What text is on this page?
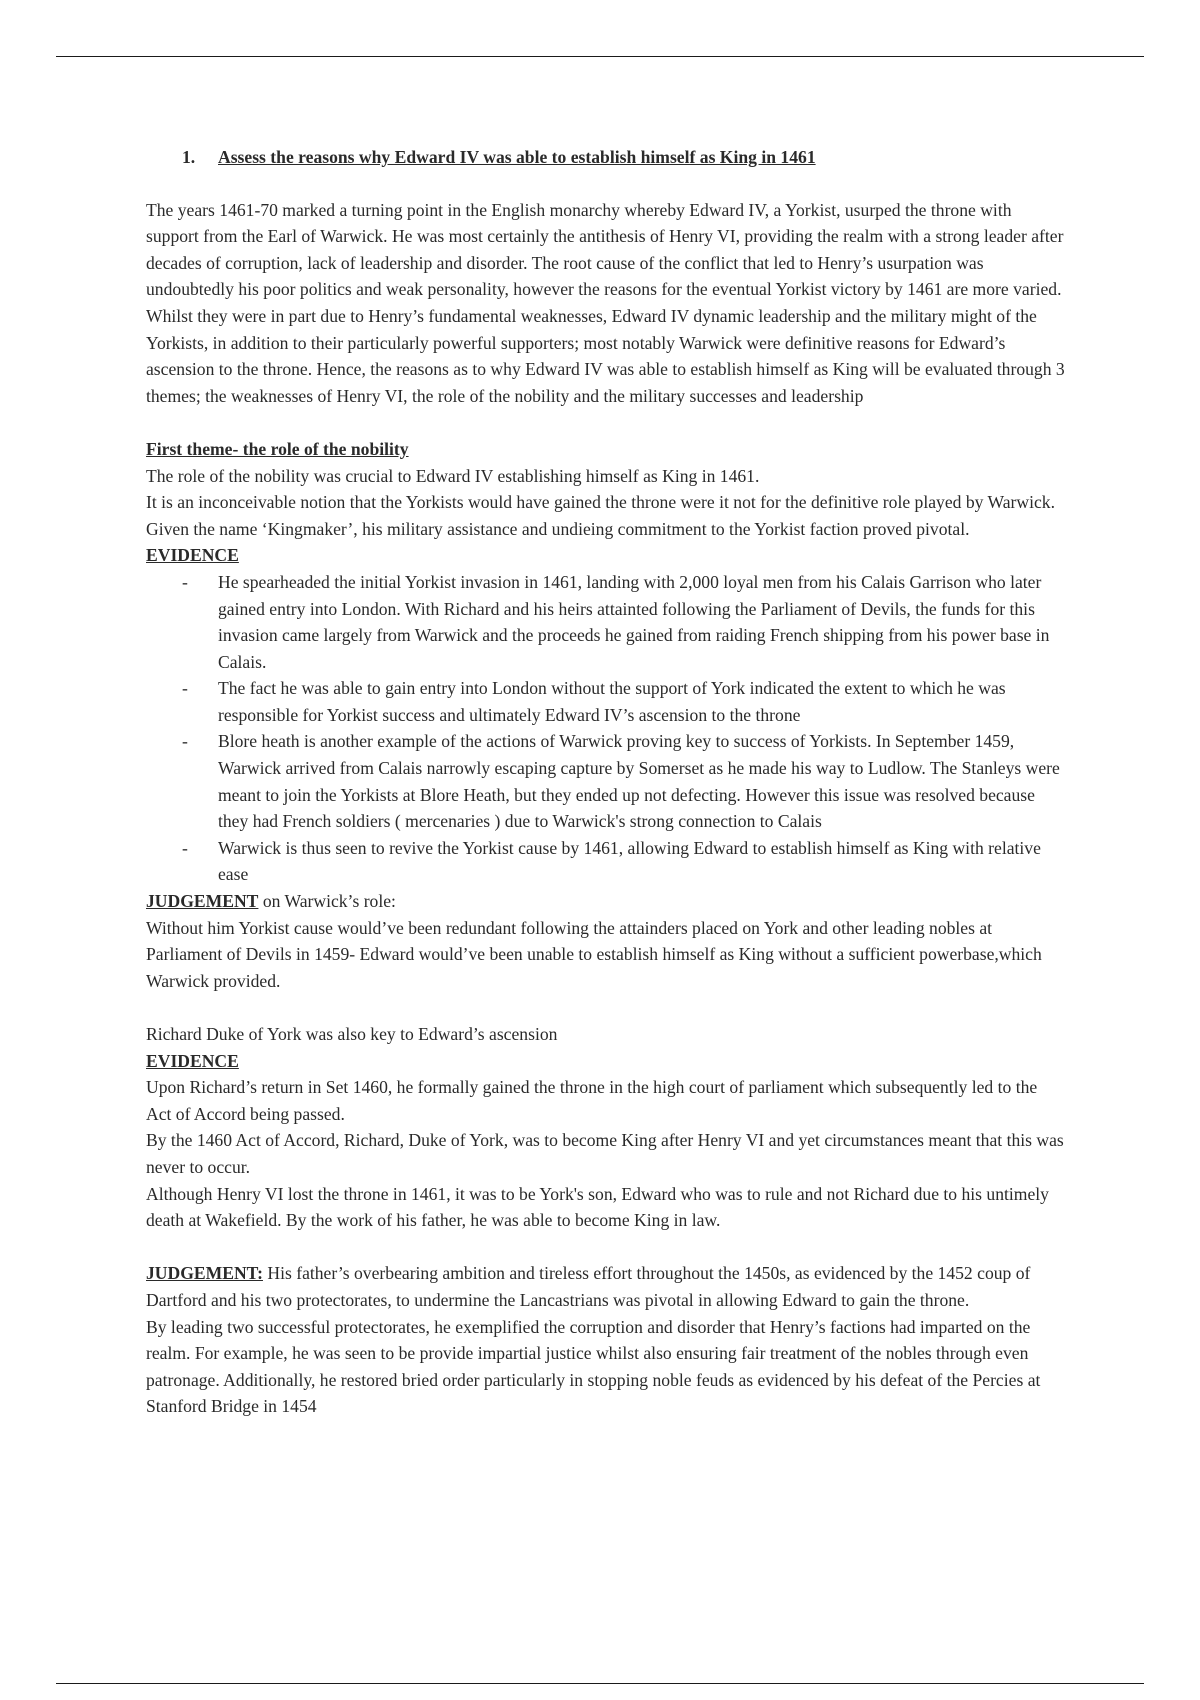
1. Assess the reasons why Edward IV was able to establish himself as King in 1461

The years 1461-70 marked a turning point in the English monarchy whereby Edward IV, a Yorkist, usurped the throne with support from the Earl of Warwick. He was most certainly the antithesis of Henry VI, providing the realm with a strong leader after decades of corruption, lack of leadership and disorder. The root cause of the conflict that led to Henry’s usurpation was undoubtedly his poor politics and weak personality, however the reasons for the eventual Yorkist victory by 1461 are more varied. Whilst they were in part due to Henry’s fundamental weaknesses, Edward IV dynamic leadership and the military might of the Yorkists, in addition to their particularly powerful supporters; most notably Warwick were definitive reasons for Edward’s ascension to the throne. Hence, the reasons as to why Edward IV was able to establish himself as King will be evaluated through 3 themes; the weaknesses of Henry VI, the role of the nobility and the military successes and leadership

First theme- the role of the nobility

The role of the nobility was crucial to Edward IV establishing himself as King in 1461.

It is an inconceivable notion that the Yorkists would have gained the throne were it not for the definitive role played by Warwick. Given the name ‘Kingmaker’, his military assistance and undieing commitment to the Yorkist faction proved pivotal.

EVIDENCE

- He spearheaded the initial Yorkist invasion in 1461, landing with 2,000 loyal men from his Calais Garrison who later gained entry into London. With Richard and his heirs attainted following the Parliament of Devils, the funds for this invasion came largely from Warwick and the proceeds he gained from raiding French shipping from his power base in Calais.
- The fact he was able to gain entry into London without the support of York indicated the extent to which he was responsible for Yorkist success and ultimately Edward IV’s ascension to the throne
- Blore heath is another example of the actions of Warwick proving key to success of Yorkists. In September 1459, Warwick arrived from Calais narrowly escaping capture by Somerset as he made his way to Ludlow. The Stanleys were meant to join the Yorkists at Blore Heath, but they ended up not defecting. However this issue was resolved because they had French soldiers ( mercenaries ) due to Warwick's strong connection to Calais
- Warwick is thus seen to revive the Yorkist cause by 1461, allowing Edward to establish himself as King with relative ease

JUDGEMENT on Warwick’s role:

Without him Yorkist cause would’ve been redundant following the attainders placed on York and other leading nobles at Parliament of Devils in 1459- Edward would’ve been unable to establish himself as King without a sufficient powerbase,which Warwick provided.

Richard Duke of York was also key to Edward’s ascension

EVIDENCE

Upon Richard’s return in Set 1460, he formally gained the throne in the high court of parliament which subsequently led to the Act of Accord being passed.

By the 1460 Act of Accord, Richard, Duke of York, was to become King after Henry VI and yet circumstances meant that this was never to occur.

Although Henry VI lost the throne in 1461, it was to be York's son, Edward who was to rule and not Richard due to his untimely death at Wakefield. By the work of his father, he was able to become King in law.

JUDGEMENT: His father’s overbearing ambition and tireless effort throughout the 1450s, as evidenced by the 1452 coup of Dartford and his two protectorates, to undermine the Lancastrians was pivotal in allowing Edward to gain the throne.

By leading two successful protectorates, he exemplified the corruption and disorder that Henry’s factions had imparted on the realm. For example, he was seen to be provide impartial justice whilst also ensuring fair treatment of the nobles through even patronage. Additionally, he restored bried order particularly in stopping noble feuds as evidenced by his defeat of the Percies at Stanford Bridge in 1454
